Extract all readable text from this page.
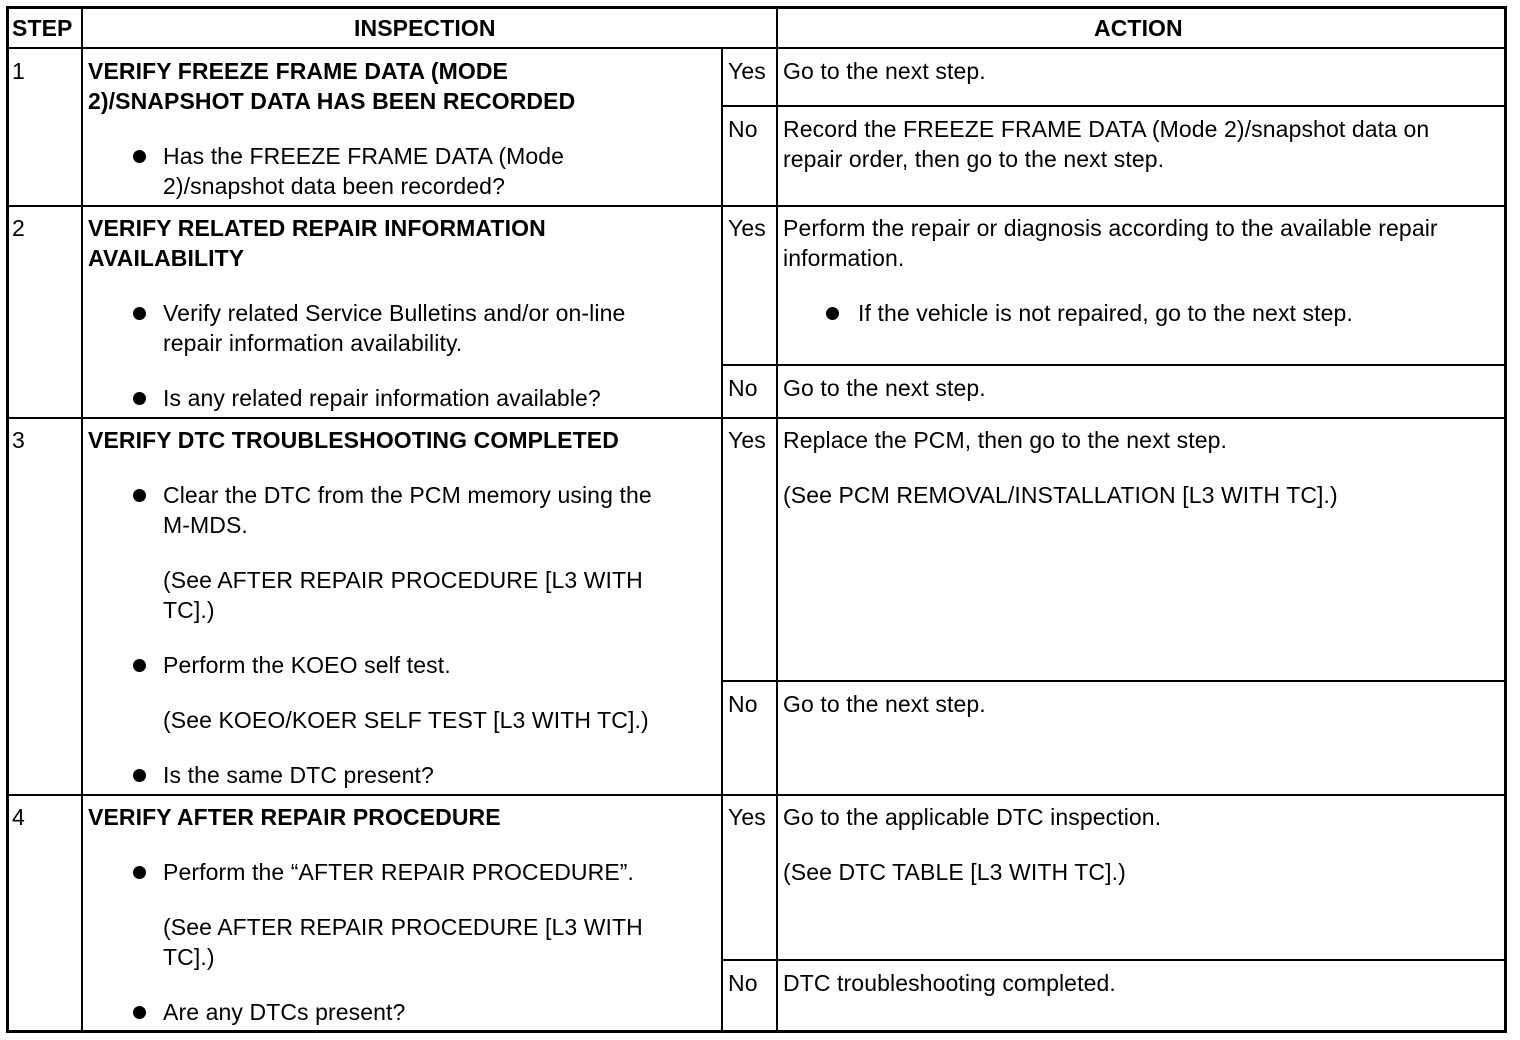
STEP	INSPECTION	ACTION
1	VERIFY FREEZE FRAME DATA (MODE
2)/SNAPSHOT DATA HAS BEEN RECORDED
Has the FREEZE FRAME DATA (Mode
2)/snapshot data been recorded?
Yes Go to the next step.
No Record the FREEZE FRAME DATA (Mode 2)/snapshot data on
repair order, then go to the next step.
2	VERIFY RELATED REPAIR INFORMATION
AVAILABILITY
Verify related Service Bulletins and/or on-line
repair information availability.
Is any related repair information available?
Yes Perform the repair or diagnosis according to the available repair
information.
If the vehicle is not repaired, go to the next step.
No Go to the next step.
3	VERIFY DTC TROUBLESHOOTING COMPLETED
Clear the DTC from the PCM memory using the
M-MDS.
(See AFTER REPAIR PROCEDURE [L3 WITH
TC].)
Perform the KOEO self test.
(See KOEO/KOER SELF TEST [L3 WITH TC].)
Is the same DTC present?
Yes Replace the PCM, then go to the next step.
(See PCM REMOVAL/INSTALLATION [L3 WITH TC].)
No Go to the next step.
4	VERIFY AFTER REPAIR PROCEDURE
Perform the “AFTER REPAIR PROCEDURE”.
(See AFTER REPAIR PROCEDURE [L3 WITH
TC].)
Are any DTCs present?
Yes Go to the applicable DTC inspection.
(See DTC TABLE [L3 WITH TC].)
No DTC troubleshooting completed.
